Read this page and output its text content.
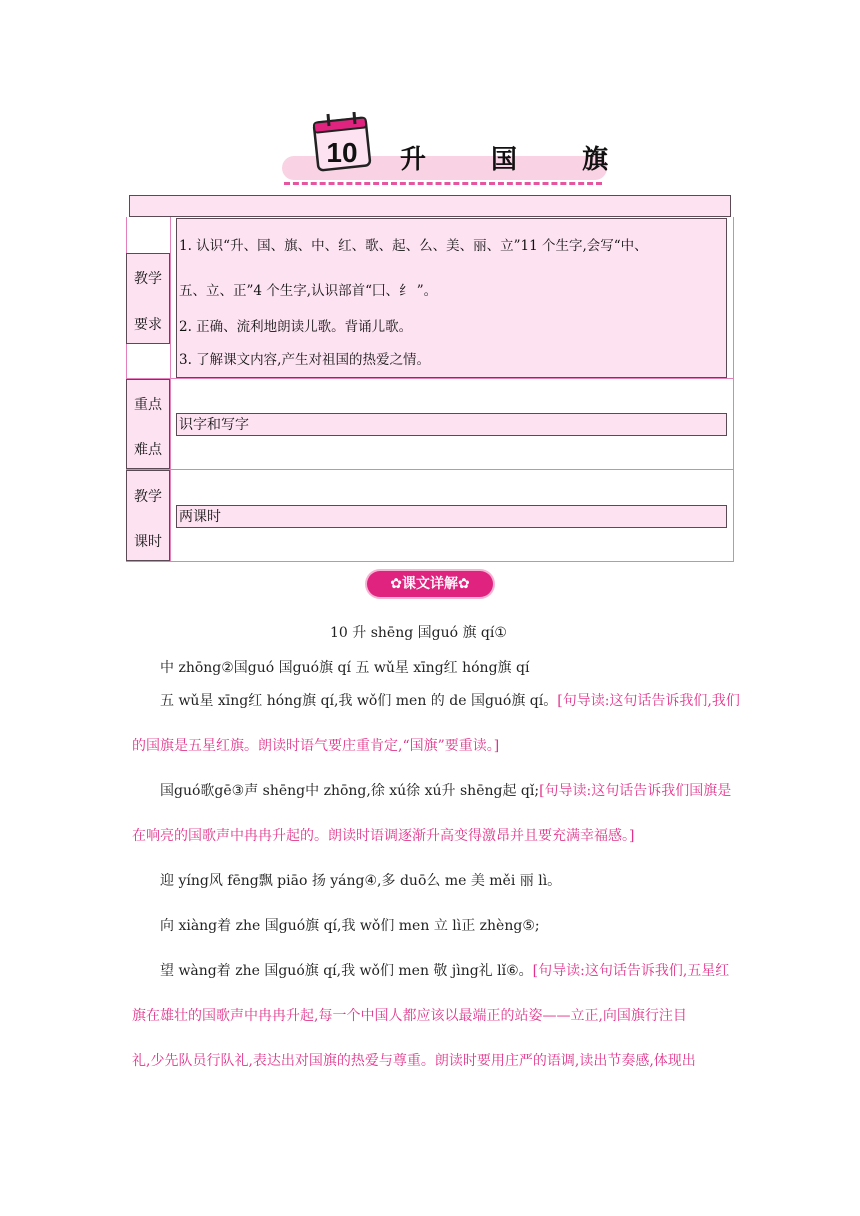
10 升 国 旗
教学
要求
1. 认识“升、国、旗、中、红、歌、起、么、美、丽、立”11 个生字,会写“中、
五、立、正”4 个生字,认识部首“囗、纟 ”。
2. 正确、流利地朗读儿歌。背诵儿歌。
3. 了解课文内容,产生对祖国的热爱之情。
重点
难点
识字和写字
教学
课时
两课时
✿课文详解✿
10 升 shēng 国guó 旗 qí①
中 zhōng②国guó 国guó旗 qí 五 wǔ星 xīng红 hóng旗 qí
五 wǔ星 xīng红 hóng旗 qí,我 wǒ们 men 的 de 国guó旗 qí。[句导读:这句话告诉我们,我们
的国旗是五星红旗。朗读时语气要庄重肯定,“国旗”要重读。]
国guó歌gē③声 shēng中 zhōng,徐 xú徐 xú升 shēng起 qǐ;[句导读:这句话告诉我们国旗是
在响亮的国歌声中冉冉升起的。朗读时语调逐渐升高变得激昂并且要充满幸福感。]
迎 yíng风 fēng飘 piāo 扬 yáng④,多 duō么 me 美 měi 丽 lì。
向 xiàng着 zhe 国guó旗 qí,我 wǒ们 men 立 lì正 zhèng⑤;
望 wàng着 zhe 国guó旗 qí,我 wǒ们 men 敬 jìng礼 lǐ⑥。[句导读:这句话告诉我们,五星红
旗在雄壮的国歌声中冉冉升起,每一个中国人都应该以最端正的站姿——立正,向国旗行注目
礼,少先队员行队礼,表达出对国旗的热爱与尊重。朗读时要用庄严的语调,读出节奏感,体现出
